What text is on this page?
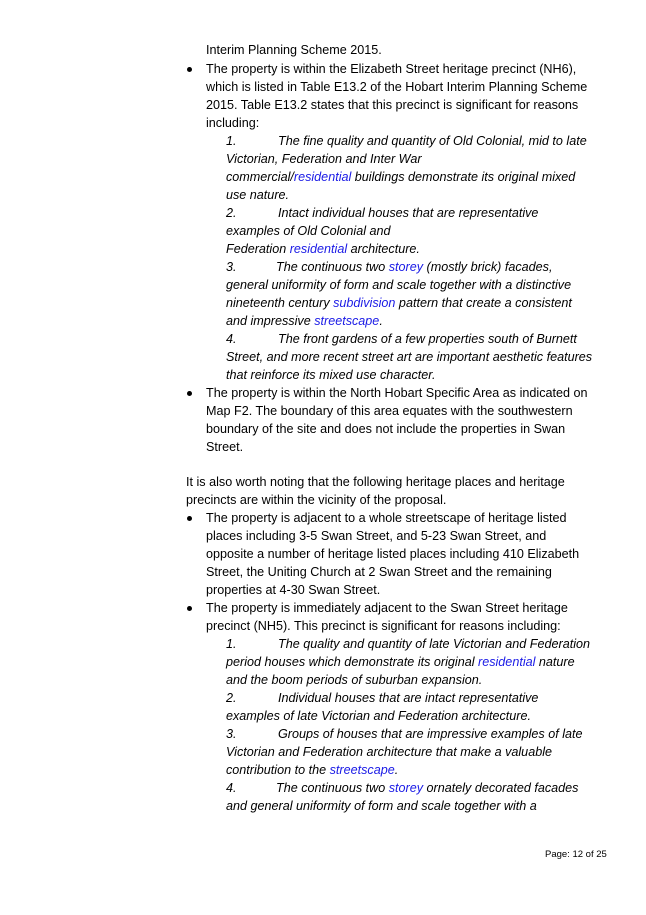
Interim Planning Scheme 2015.
The property is within the Elizabeth Street heritage precinct (NH6),
which is listed in Table E13.2 of the Hobart Interim Planning Scheme
2015. Table E13.2 states that this precinct is significant for reasons
including:
1.	The fine quality and quantity of Old Colonial, mid to late
Victorian, Federation and Inter War
commercial/residential buildings demonstrate its original mixed
use nature.
2.	Intact individual houses that are representative
examples of Old Colonial and
Federation residential architecture.
3.	The continuous two storey (mostly brick) facades,
general uniformity of form and scale together with a distinctive
nineteenth century subdivision pattern that create a consistent
and impressive streetscape.
4.	The front gardens of a few properties south of Burnett
Street, and more recent street art are important aesthetic features
that reinforce its mixed use character.
The property is within the North Hobart Specific Area as indicated on
Map F2. The boundary of this area equates with the southwestern
boundary of the site and does not include the properties in Swan
Street.
It is also worth noting that the following heritage places and heritage
precincts are within the vicinity of the proposal.
The property is adjacent to a whole streetscape of heritage listed
places including 3-5 Swan Street, and 5-23 Swan Street, and
opposite a number of heritage listed places including 410 Elizabeth
Street, the Uniting Church at 2 Swan Street and the remaining
properties at 4-30 Swan Street.
The property is immediately adjacent to the Swan Street heritage
precinct (NH5). This precinct is significant for reasons including:
1.	The quality and quantity of late Victorian and Federation
period houses which demonstrate its original residential nature
and the boom periods of suburban expansion.
2.	Individual houses that are intact representative
examples of late Victorian and Federation architecture.
3.	Groups of houses that are impressive examples of late
Victorian and Federation architecture that make a valuable
contribution to the streetscape.
4.	The continuous two storey ornately decorated facades
and general uniformity of form and scale together with a
Page: 12 of 25
